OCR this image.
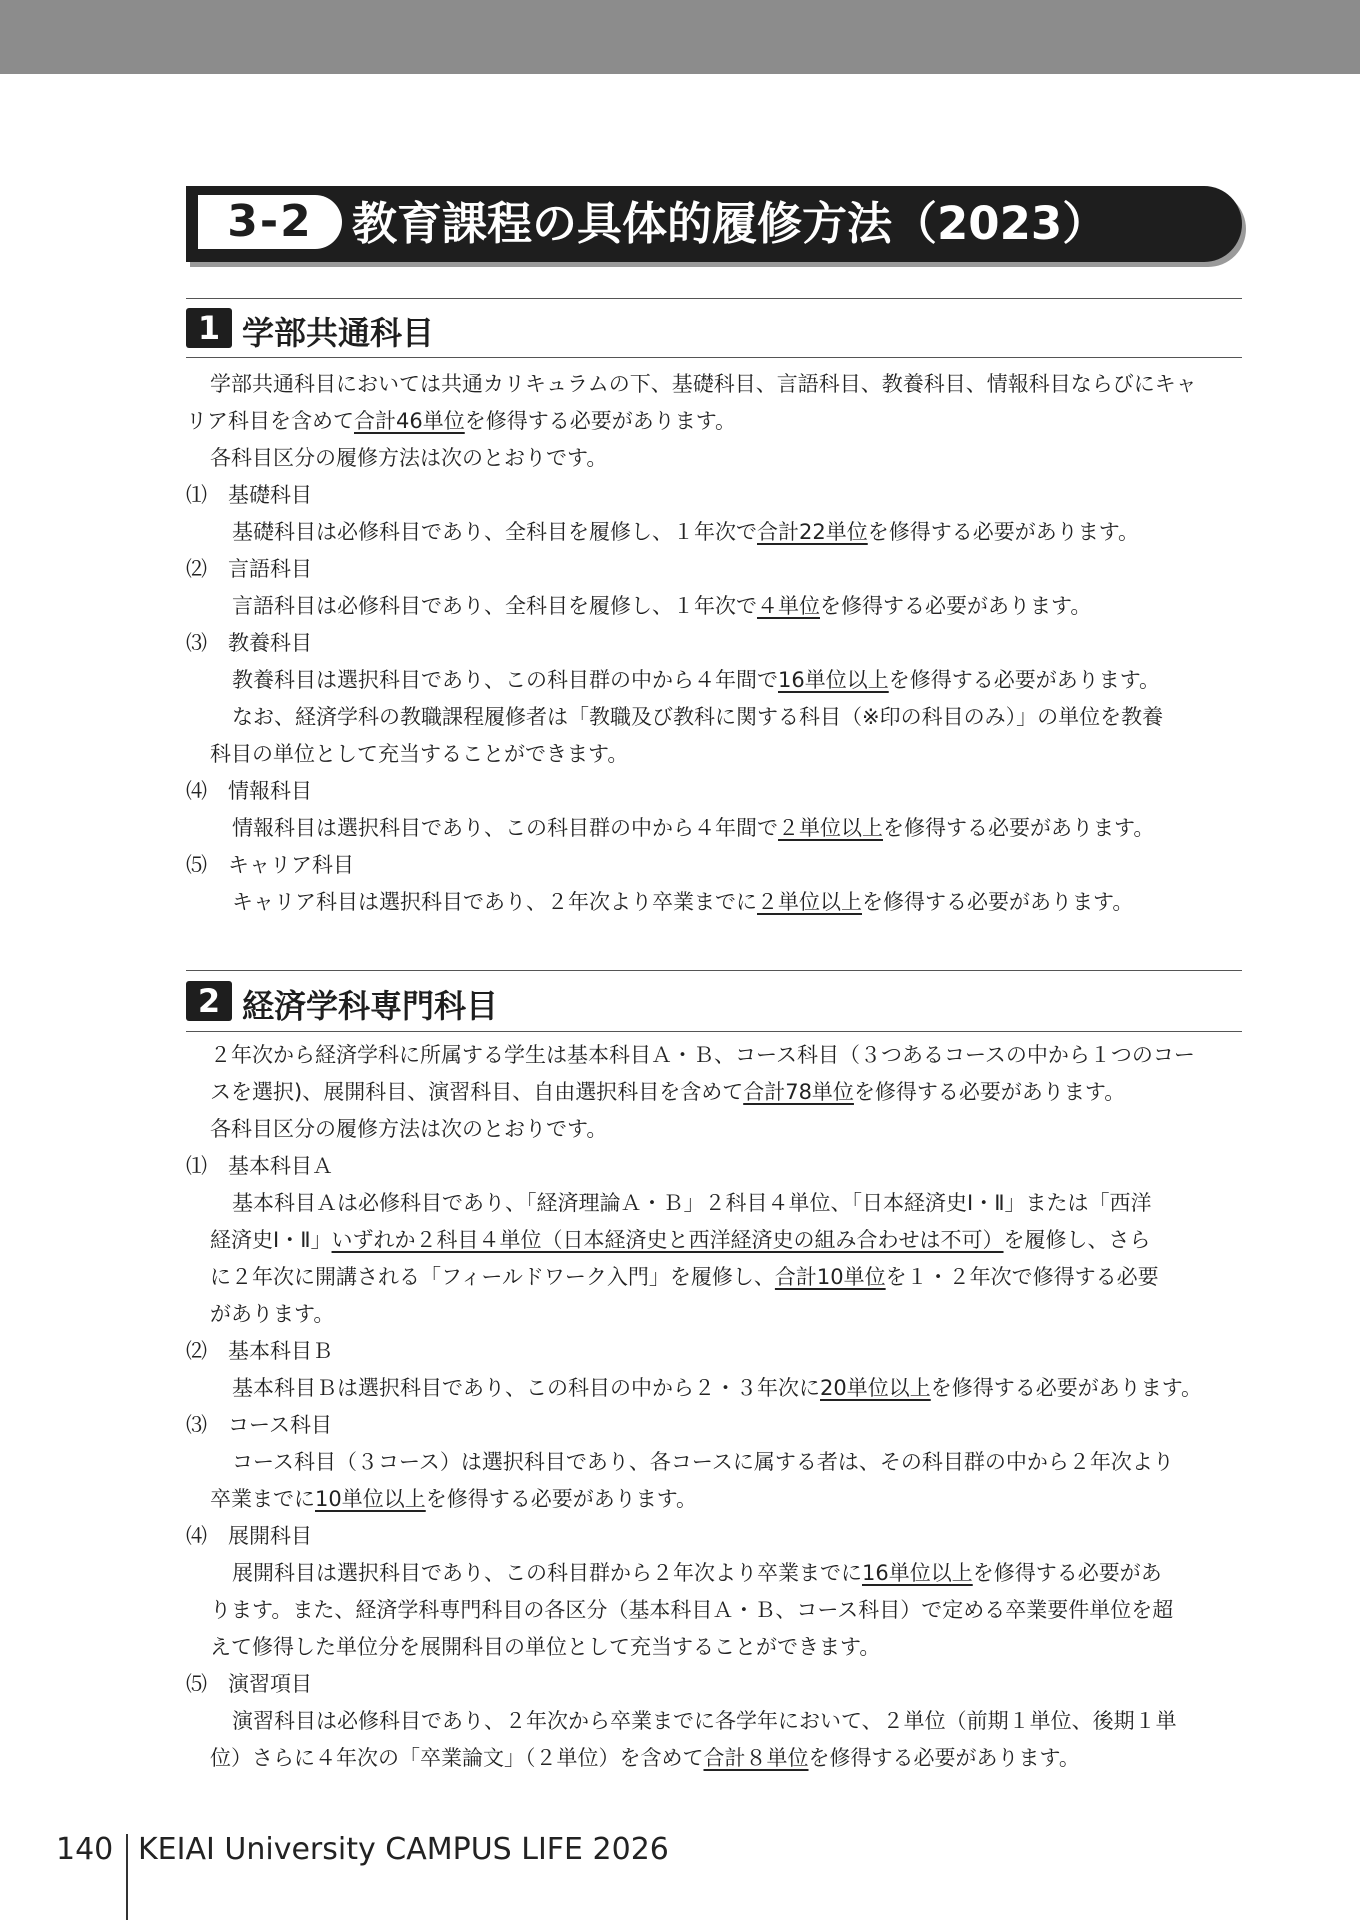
3-2 教育課程の具体的履修方法（2023）
1 学部共通科目
学部共通科目においては共通カリキュラムの下、基礎科目、言語科目、教養科目、情報科目ならびにキャ
リア科目を含めて合計46単位を修得する必要があります。
各科目区分の履修方法は次のとおりです。
⑴　基礎科目
基礎科目は必修科目であり、全科目を履修し、１年次で合計22単位を修得する必要があります。
⑵　言語科目
言語科目は必修科目であり、全科目を履修し、１年次で４単位を修得する必要があります。
⑶　教養科目
教養科目は選択科目であり、この科目群の中から４年間で16単位以上を修得する必要があります。
なお、経済学科の教職課程履修者は「教職及び教科に関する科目（※印の科目のみ）」の単位を教養
科目の単位として充当することができます。
⑷　情報科目
情報科目は選択科目であり、この科目群の中から４年間で２単位以上を修得する必要があります。
⑸　キャリア科目
キャリア科目は選択科目であり、２年次より卒業までに２単位以上を修得する必要があります。
2 経済学科専門科目
２年次から経済学科に所属する学生は基本科目Ａ・Ｂ、コース科目（３つあるコースの中から１つのコー
スを選択)、展開科目、演習科目、自由選択科目を含めて合計78単位を修得する必要があります。
各科目区分の履修方法は次のとおりです。
⑴　基本科目Ａ
基本科目Ａは必修科目であり、「経済理論Ａ・Ｂ」２科目４単位、「日本経済史Ⅰ・Ⅱ」または「西洋
経済史Ⅰ・Ⅱ」いずれか２科目４単位（日本経済史と西洋経済史の組み合わせは不可）を履修し、さら
に２年次に開講される「フィールドワーク入門」を履修し、合計10単位を１・２年次で修得する必要
があります。
⑵　基本科目Ｂ
基本科目Ｂは選択科目であり、この科目の中から２・３年次に20単位以上を修得する必要があります。
⑶　コース科目
コース科目（３コース）は選択科目であり、各コースに属する者は、その科目群の中から２年次より
卒業までに10単位以上を修得する必要があります。
⑷　展開科目
展開科目は選択科目であり、この科目群から２年次より卒業までに16単位以上を修得する必要があ
ります。また、経済学科専門科目の各区分（基本科目Ａ・Ｂ、コース科目）で定める卒業要件単位を超
えて修得した単位分を展開科目の単位として充当することができます。
⑸　演習項目
演習科目は必修科目であり、２年次から卒業までに各学年において、２単位（前期１単位、後期１単
位）さらに４年次の「卒業論文」（２単位）を含めて合計８単位を修得する必要があります。
140 KEIAI University CAMPUS LIFE 2026
